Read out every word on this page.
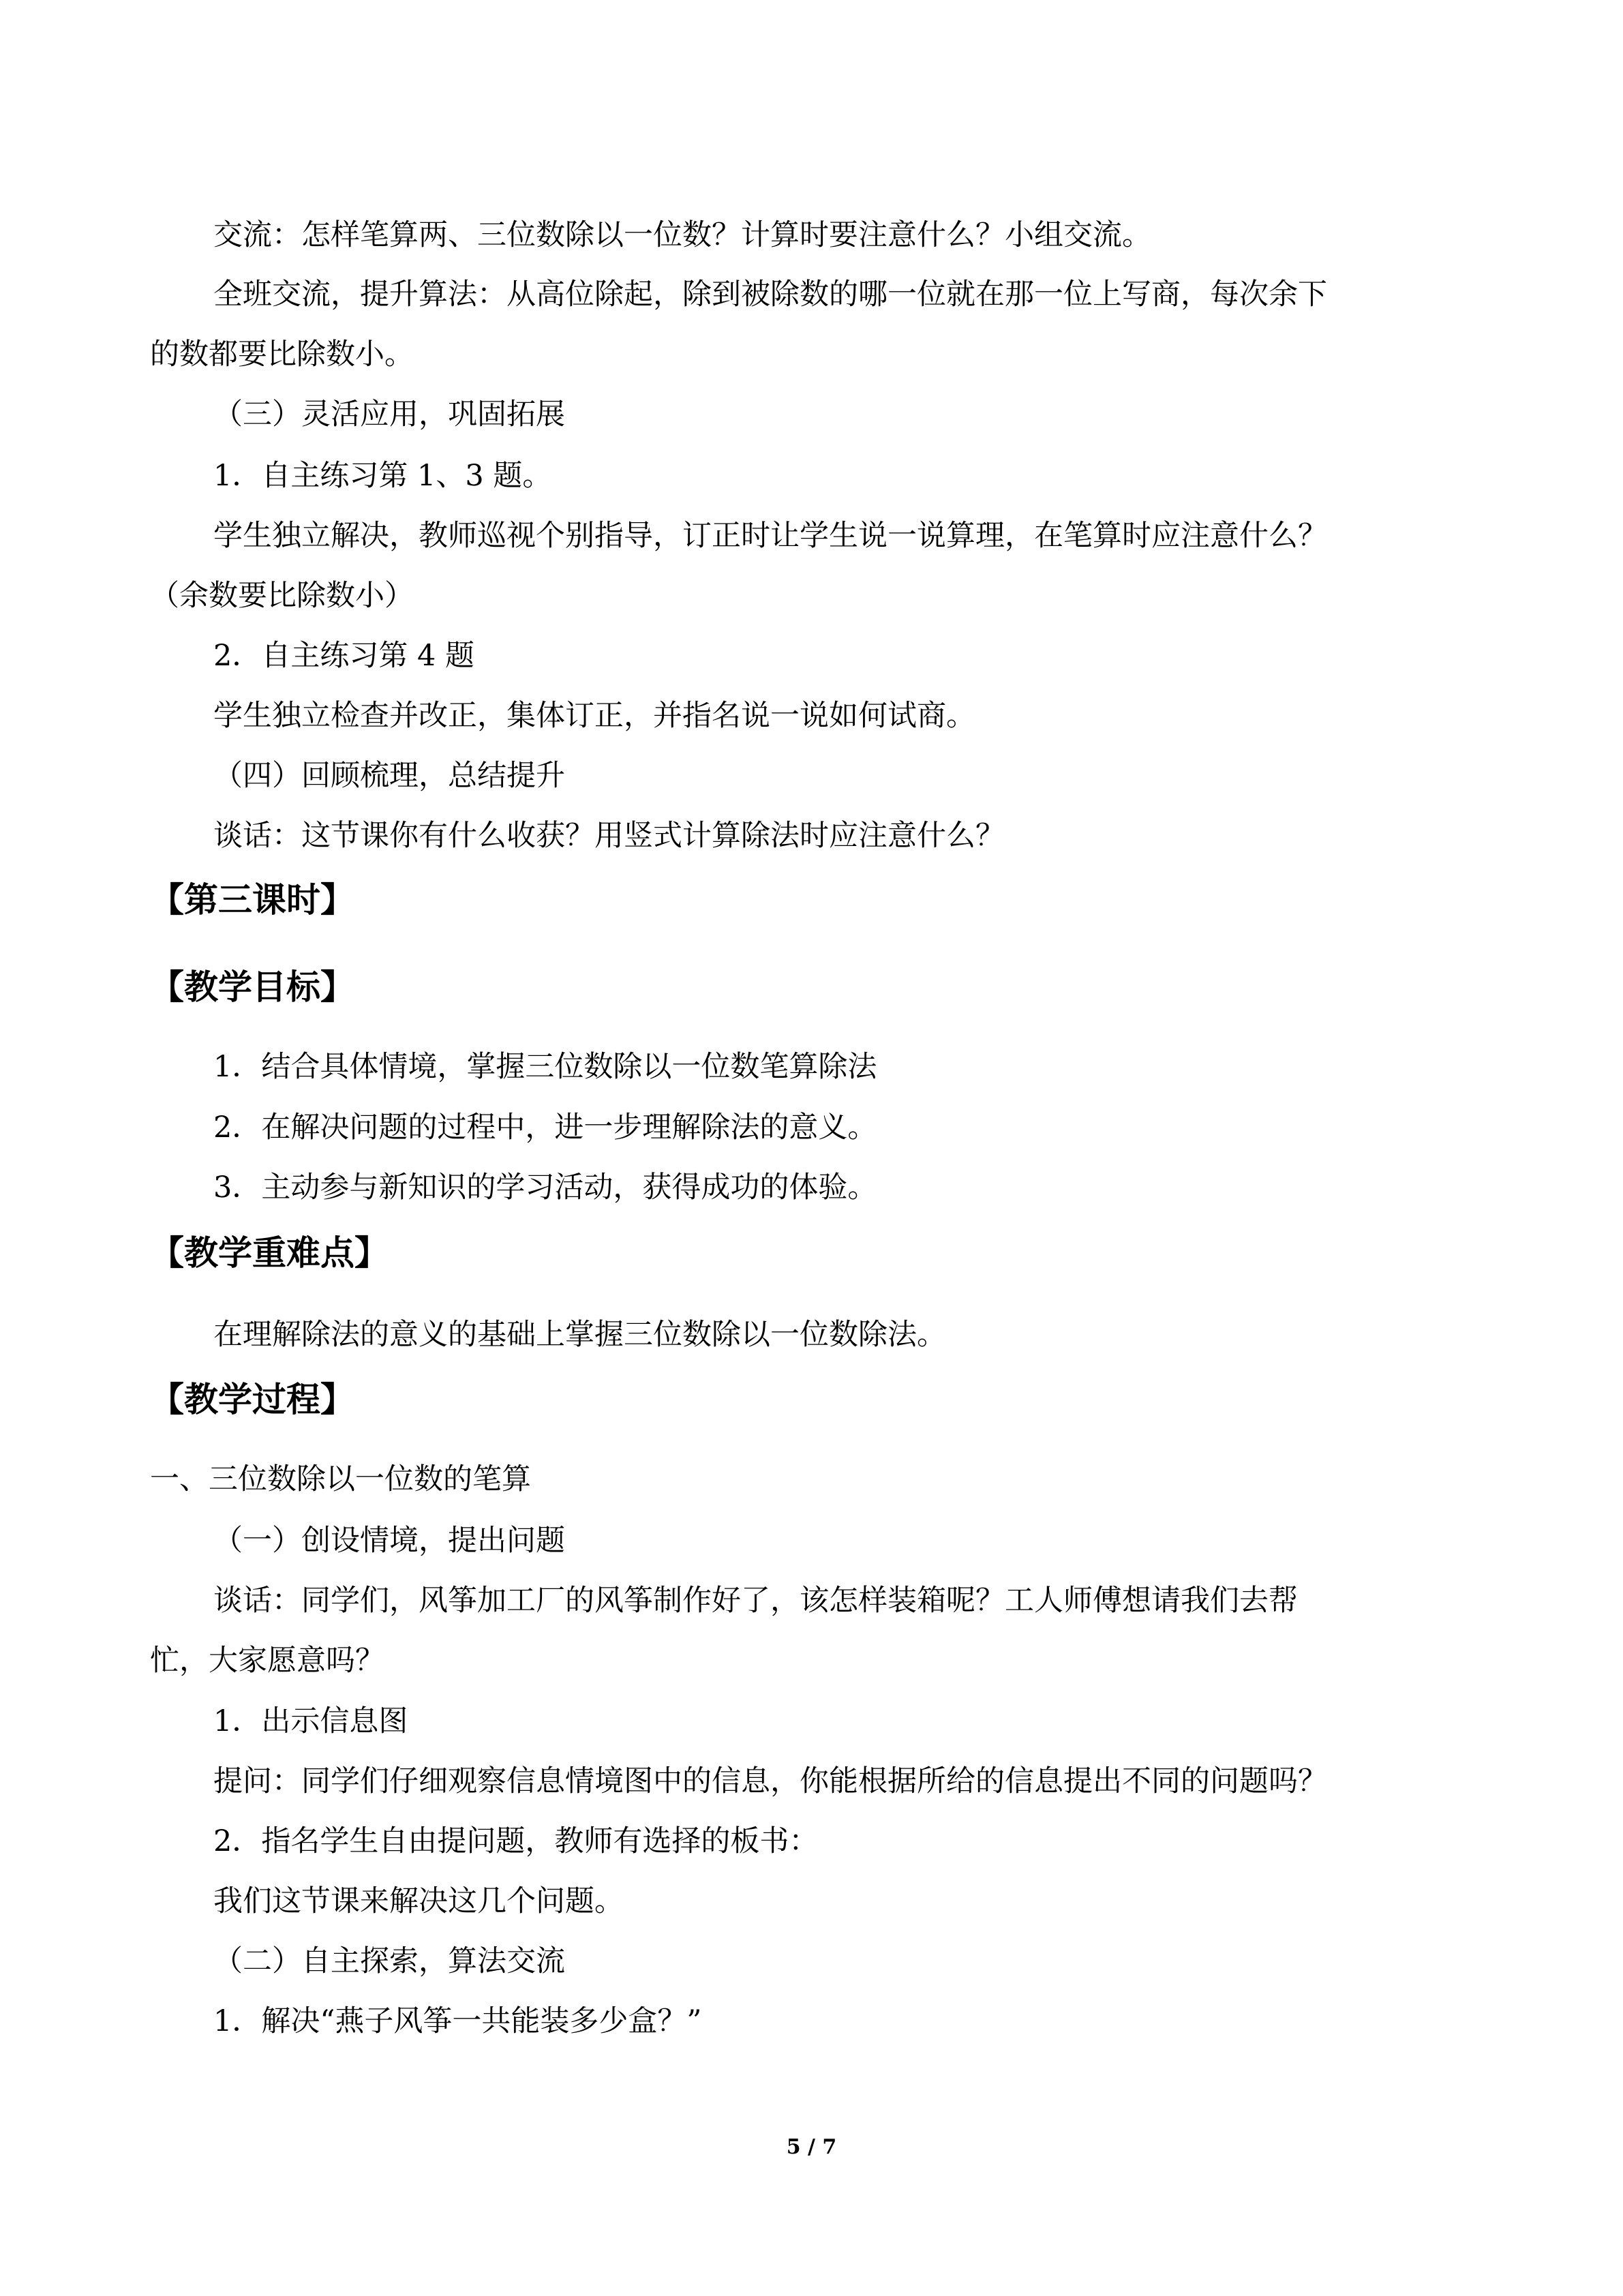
交流：怎样笔算两、三位数除以一位数？计算时要注意什么？小组交流。
全班交流，提升算法：从高位除起，除到被除数的哪一位就在那一位上写商，每次余下
的数都要比除数小。
（三）灵活应用，巩固拓展
1．自主练习第 1、3 题。
学生独立解决，教师巡视个别指导，订正时让学生说一说算理，在笔算时应注意什么？
（余数要比除数小）
2．自主练习第 4 题
学生独立检查并改正，集体订正，并指名说一说如何试商。
（四）回顾梳理，总结提升
谈话：这节课你有什么收获？用竖式计算除法时应注意什么？
【第三课时】
【教学目标】
1．结合具体情境，掌握三位数除以一位数笔算除法
2．在解决问题的过程中，进一步理解除法的意义。
3．主动参与新知识的学习活动，获得成功的体验。
【教学重难点】
在理解除法的意义的基础上掌握三位数除以一位数除法。
【教学过程】
一、三位数除以一位数的笔算
（一）创设情境，提出问题
谈话：同学们，风筝加工厂的风筝制作好了，该怎样装箱呢？工人师傅想请我们去帮
忙，大家愿意吗？
1．出示信息图
提问：同学们仔细观察信息情境图中的信息，你能根据所给的信息提出不同的问题吗？
2．指名学生自由提问题，教师有选择的板书：
我们这节课来解决这几个问题。
（二）自主探索，算法交流
1．解决“燕子风筝一共能装多少盒？”
5 / 7
